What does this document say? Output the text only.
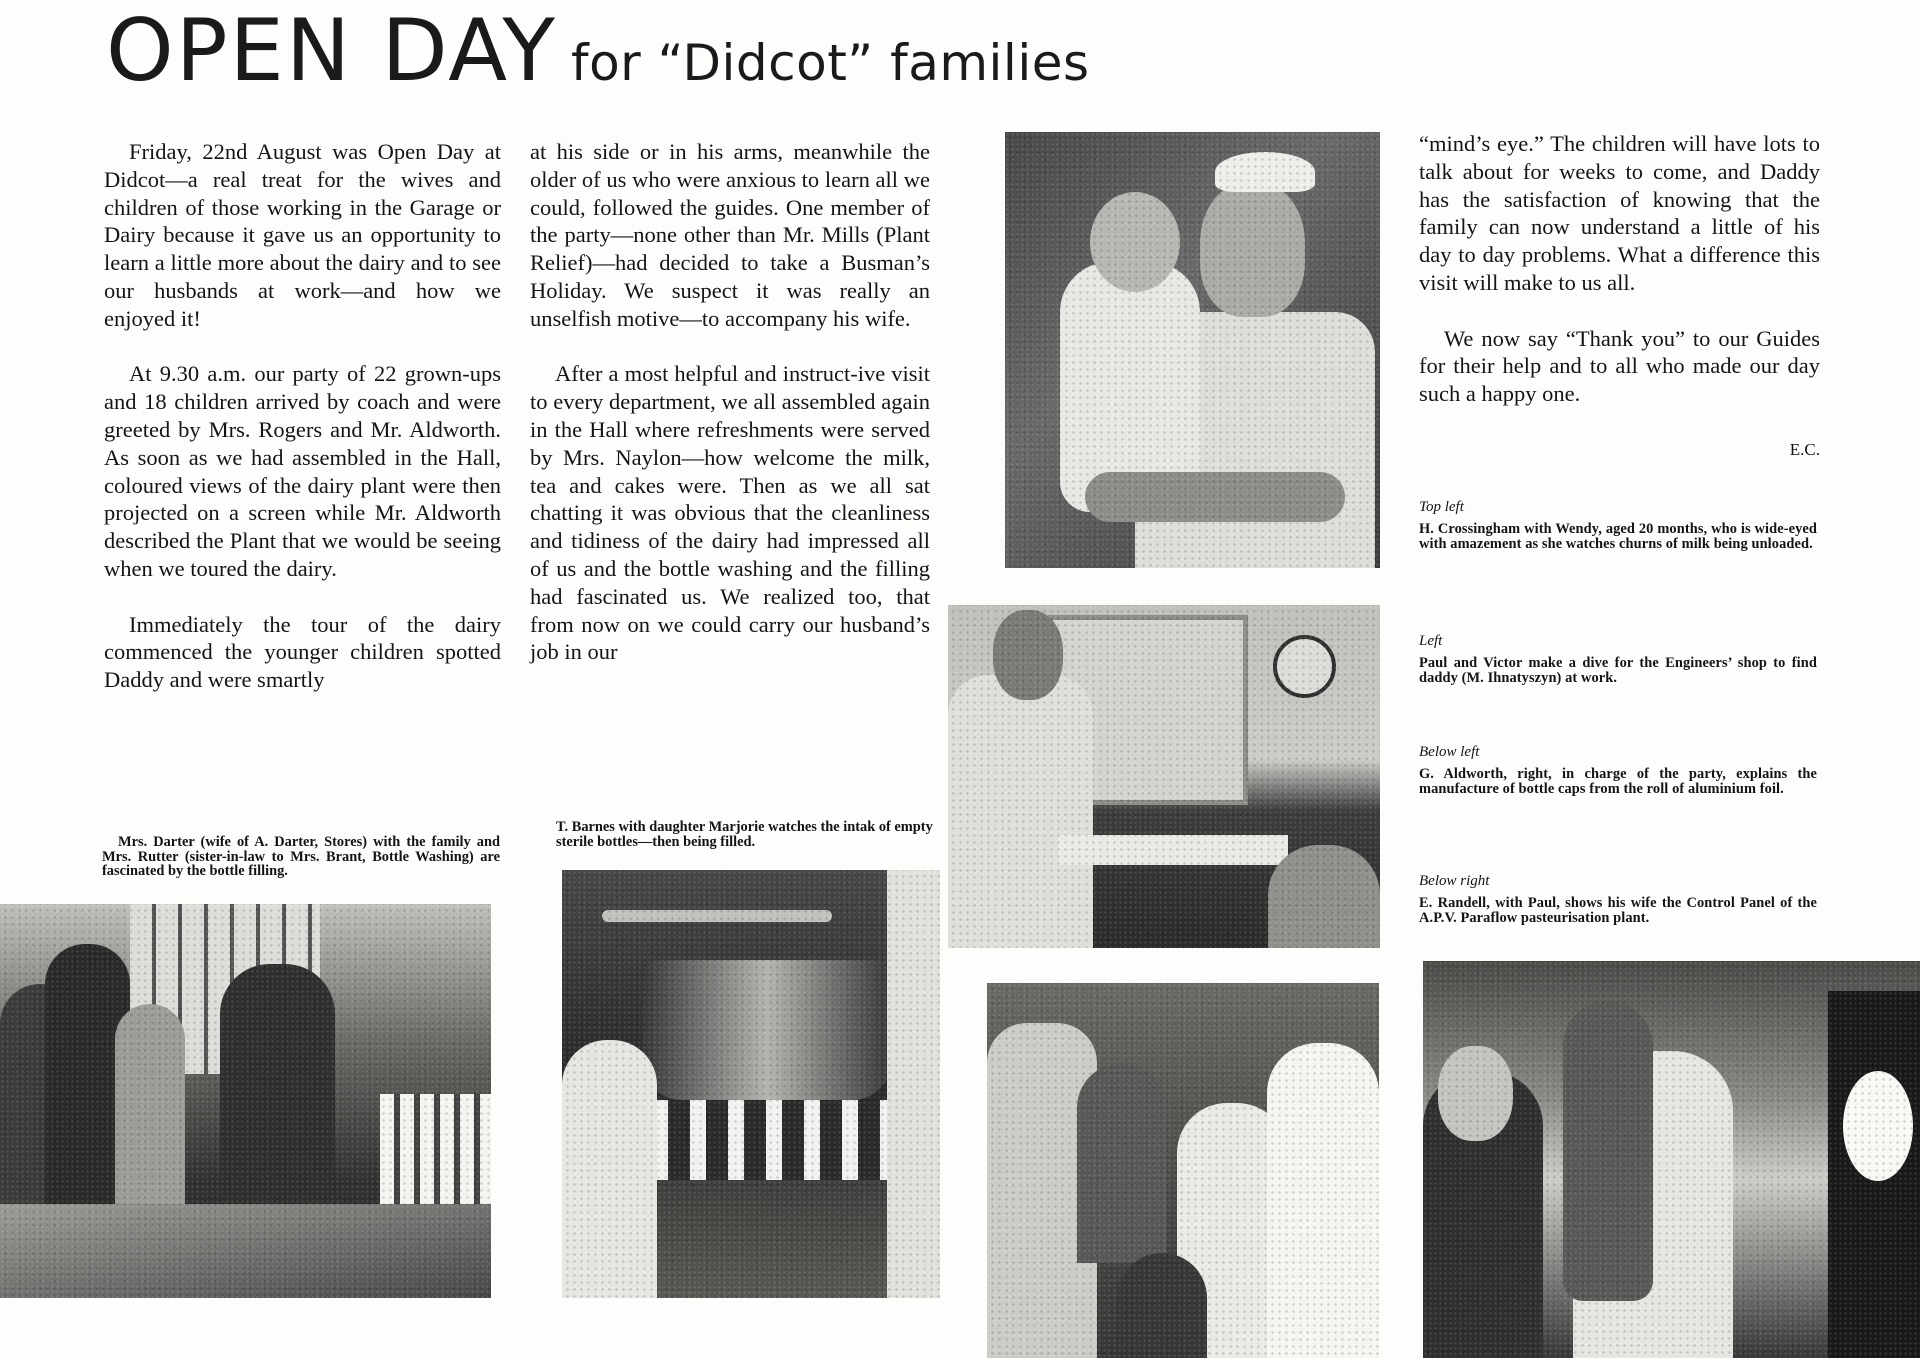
OPEN DAY for “Didcot” families

Friday, 22nd August was Open Day at Didcot—a real treat for the wives and children of those working in the Garage or Dairy because it gave us an opportunity to learn a little more about the dairy and to see our husbands at work—and how we enjoyed it!

At 9.30 a.m. our party of 22 grown-ups and 18 children arrived by coach and were greeted by Mrs. Rogers and Mr. Aldworth. As soon as we had assembled in the Hall, coloured views of the dairy plant were then projected on a screen while Mr. Aldworth described the Plant that we would be seeing when we toured the dairy.

Immediately the tour of the dairy commenced the younger children spotted Daddy and were smartly

at his side or in his arms, meanwhile the older of us who were anxious to learn all we could, followed the guides. One member of the party—none other than Mr. Mills (Plant Relief)—had decided to take a Busman’s Holiday. We suspect it was really an unselfish motive—to accompany his wife.

After a most helpful and instruct-ive visit to every department, we all assembled again in the Hall where refreshments were served by Mrs. Naylon—how welcome the milk, tea and cakes were. Then as we all sat chatting it was obvious that the cleanliness and tidiness of the dairy had impressed all of us and the bottle washing and the filling had fascinated us. We realized too, that from now on we could carry our husband’s job in our

“mind’s eye.” The children will have lots to talk about for weeks to come, and Daddy has the satisfaction of knowing that the family can now understand a little of his day to day problems. What a difference this visit will make to us all.

We now say “Thank you” to our Guides for their help and to all who made our day such a happy one.

E.C.

Top left

H. Crossingham with Wendy, aged 20 months, who is wide-eyed with amazement as she watches churns of milk being unloaded.

Left

Paul and Victor make a dive for the Engineers’ shop to find daddy (M. Ihnatyszyn) at work.

Below left

G. Aldworth, right, in charge of the party, explains the manufacture of bottle caps from the roll of aluminium foil.

Below right

E. Randell, with Paul, shows his wife the Control Panel of the A.P.V. Paraflow pasteurisation plant.

Mrs. Darter (wife of A. Darter, Stores) with the family and Mrs. Rutter (sister-in-law to Mrs. Brant, Bottle Washing) are fascinated by the bottle filling.

T. Barnes with daughter Marjorie watches the intak of empty sterile bottles—then being filled.
